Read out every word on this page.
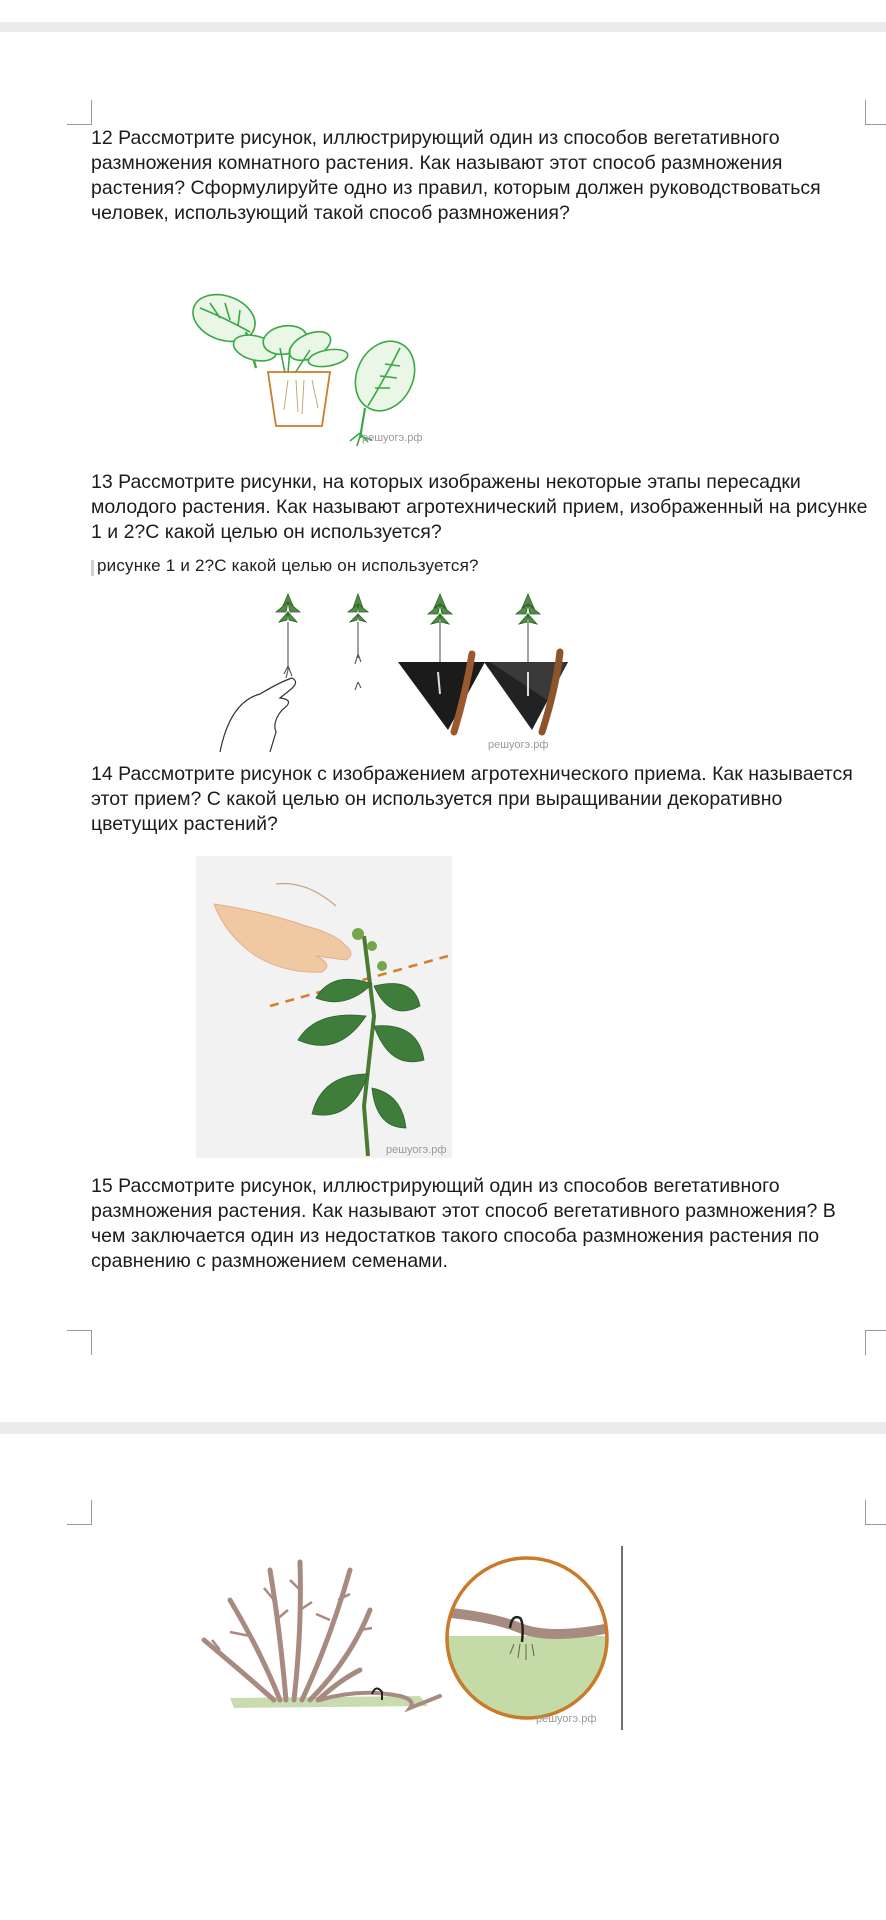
12 Рассмотрите рисунок, иллюстрирующий один из способов вегетативного размножения комнатного растения. Как называют этот способ размножения растения? Сформулируйте одно из правил, которым должен руководствоваться человек, использующий такой способ размножения?
решуогэ.рф
13 Рассмотрите рисунки, на которых изображены некоторые этапы пересадки молодого растения. Как называют агротехнический прием, изображенный на рисунке 1 и 2?С какой целью он используется?
рисунке 1 и 2?С какой целью он используется?
решуогэ.рф
14 Рассмотрите рисунок с изображением агротехнического приема. Как называется этот прием? С какой целью он используется при выращивании декоративно цветущих растений?
решуогэ.рф
15 Рассмотрите рисунок, иллюстрирующий один из способов вегетативного размножения растения. Как называют этот способ вегетативного размножения? В чем заключается один из недостатков такого способа размножения растения по сравнению с размножением семенами.
решуогэ.рф
